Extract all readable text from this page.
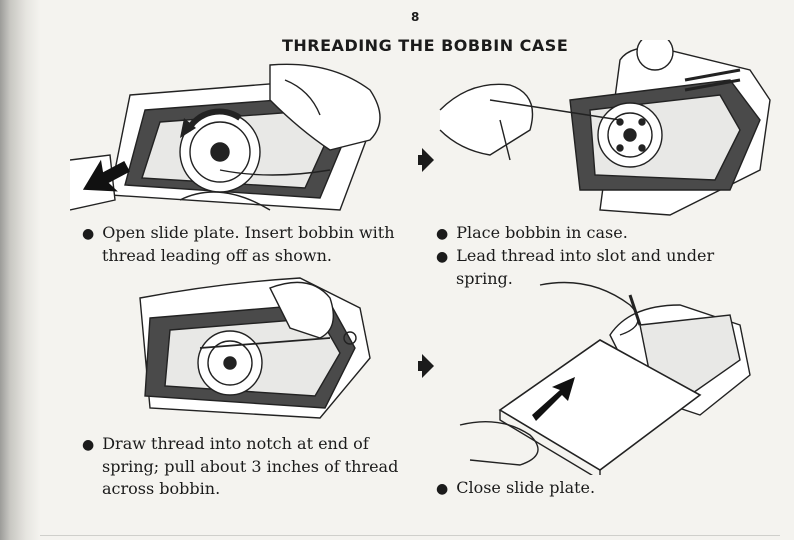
8
THREADING THE BOBBIN CASE

● Open slide plate. Insert bobbin with

thread leading off as shown.

● Place bobbin in case.

● Lead thread into slot and under

spring.

● Draw thread into notch at end of

spring; pull about 3 inches of thread

across bobbin.	● Close slide plate.
